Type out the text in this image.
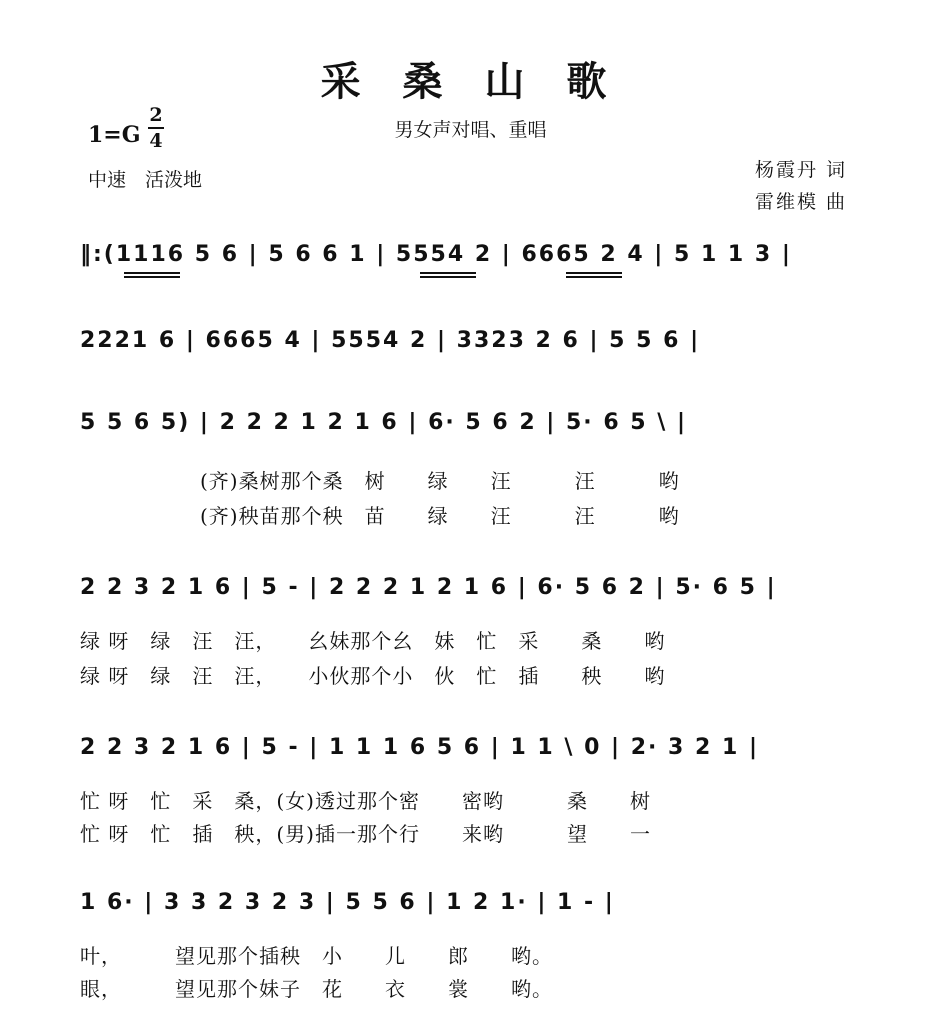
采 桑 山 歌
男女声对唱、重唱
1=G
2
4
中速　活泼地	杨霞丹 词
雷维模 曲
‖:(1116 5 6 | 5 6 6 1 | 5554 2 | 6665 2 4 | 5 1 1 3 |
2221 6 | 6665 4 | 5554 2 | 3323 2 6 | 5 5 6 |
5 5 6 5) | 2 2 2 1 2 1 6 | 6· 5 6 2 | 5· 6 5 \ |
(齐)桑树那个桑　树　　绿　　汪　　　汪　　　哟
(齐)秧苗那个秧　苗　　绿　　汪　　　汪　　　哟
2 2 3 2 1 6 | 5 - | 2 2 2 1 2 1 6 | 6· 5 6 2 | 5· 6 5 |
绿 呀　绿　汪　汪，　　幺妹那个幺　妹　忙　采　　桑　　哟
绿 呀　绿　汪　汪，　　小伙那个小　伙　忙　插　　秧　　哟
2 2 3 2 1 6 | 5 - | 1 1 1 6 5 6 | 1 1 \ 0 | 2· 3 2 1 |
忙 呀　忙　采　桑，(女)透过那个密　　密哟　　　桑　　树
忙 呀　忙　插　秧，(男)插一那个行　　来哟　　　望　　一
1 6· | 3 3 2 3 2 3 | 5 5 6 | 1 2 1· | 1 - |
叶，　　　望见那个插秧　小　　儿　　郎　　哟。
眼，　　　望见那个妹子　花　　衣　　裳　　哟。
